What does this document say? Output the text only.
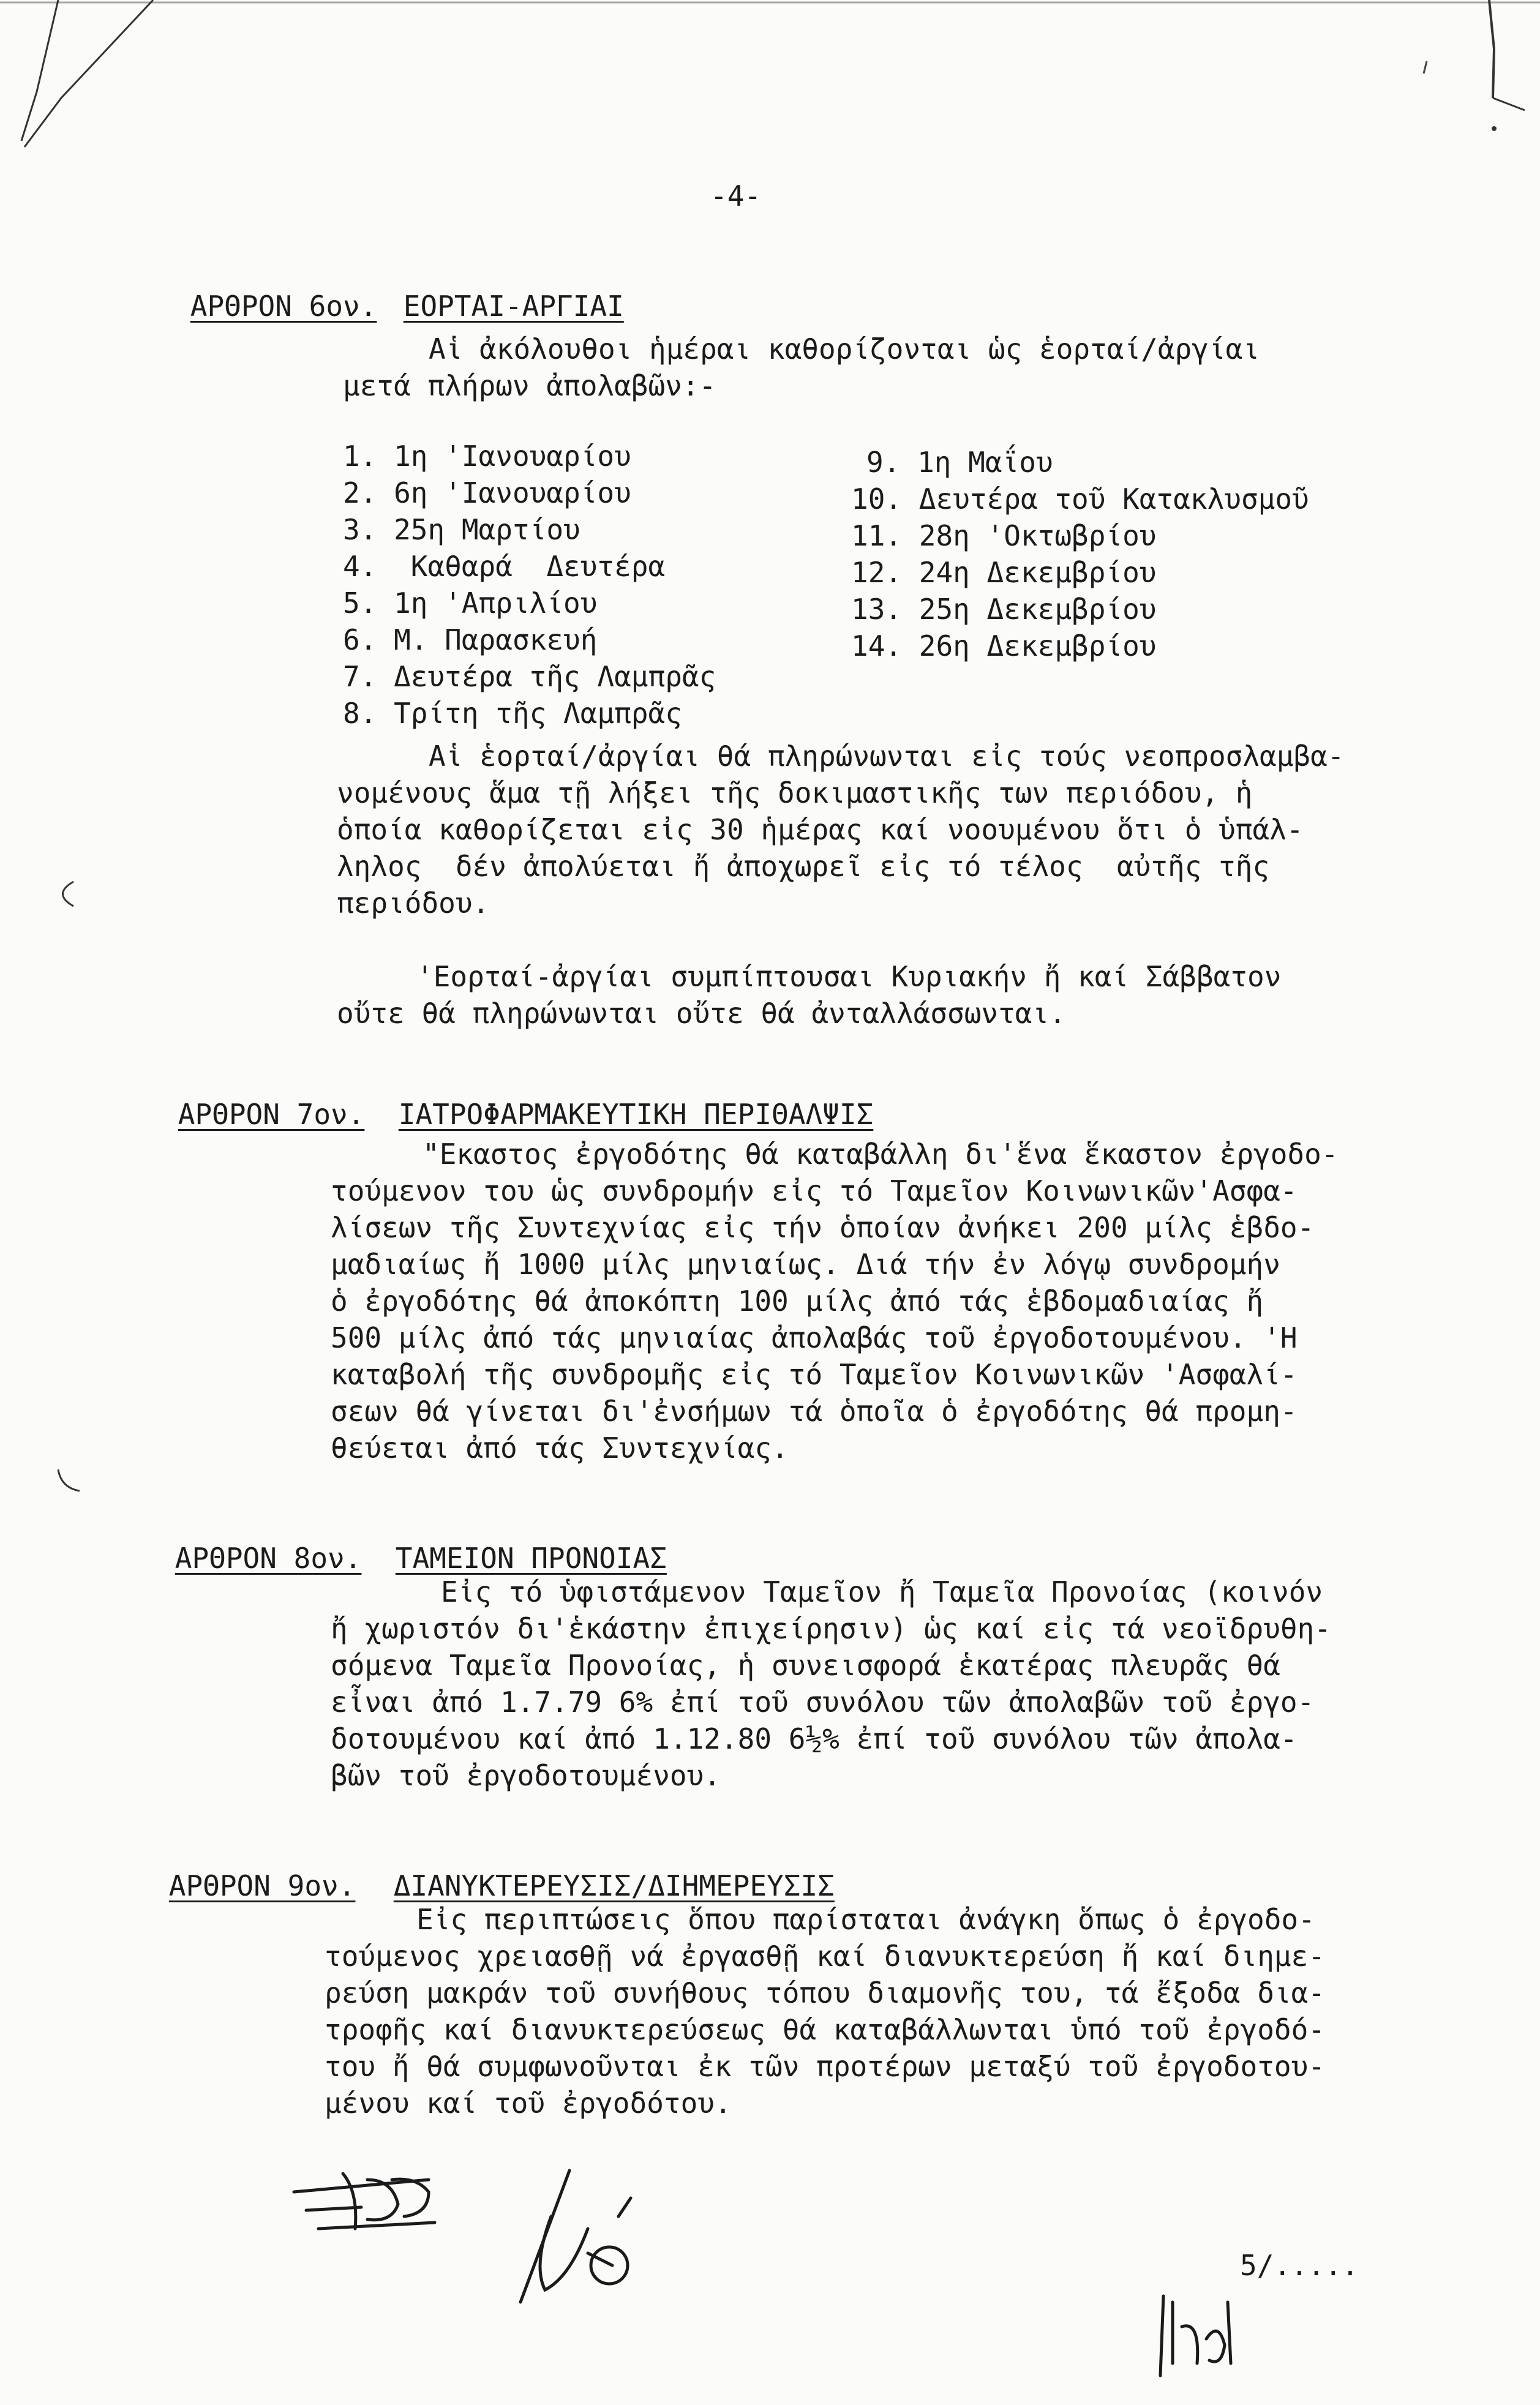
-4-

ΑΡΘΡΟΝ 6ον.
ΕΟΡΤΑΙ-ΑΡΓΙΑΙ

Αἱ ἀκόλουθοι ἡμέραι καθορίζονται ὡς ἑορταί/ἀργίαι
μετά πλήρων ἀπολαβῶν:-
1. 1η 'Ιανουαρίου
2. 6η 'Ιανουαρίου
3. 25η Μαρτίου
4.  Καθαρά  Δευτέρα
5. 1η 'Απριλίου
6. Μ. Παρασκευή
7. Δευτέρα τῆς Λαμπρᾶς
8. Τρίτη τῆς Λαμπρᾶς
9. 1η Μαΐου
10. Δευτέρα τοῦ Κατακλυσμοῦ
11. 28η 'Οκτωβρίου
12. 24η Δεκεμβρίου
13. 25η Δεκεμβρίου
14. 26η Δεκεμβρίου
Αἱ ἑορταί/ἀργίαι θά πληρώνωνται εἰς τούς νεοπροσλαμβα-
νομένους ἅμα τῇ λήξει τῆς δοκιμαστικῆς των περιόδου, ἡ
ὁποία καθορίζεται εἰς 30 ἡμέρας καί νοουμένου ὅτι ὁ ὑπάλ-
ληλος  δέν ἀπολύεται ἤ ἀποχωρεῖ εἰς τό τέλος  αὐτῆς τῆς
περιόδου.
'Εορταί-ἀργίαι συμπίπτουσαι Κυριακήν ἤ καί Σάββατον
οὔτε θά πληρώνωνται οὔτε θά ἀνταλλάσσωνται.

ΑΡΘΡΟΝ 7ον.
	ΙΑΤΡΟΦΑΡΜΑΚΕΥΤΙΚΗ ΠΕΡΙΘΑΛΨΙΣ

"Εκαστος ἐργοδότης θά καταβάλλη δι'ἕνα ἕκαστον ἐργοδο-
τούμενον του ὡς συνδρομήν εἰς τό Ταμεῖον Κοινωνικῶν'Ασφα-
λίσεων τῆς Συντεχνίας εἰς τήν ὁποίαν ἀνήκει 200 μίλς ἑβδο-
μαδιαίως ἤ 1000 μίλς μηνιαίως. Διά τήν ἐν λόγῳ συνδρομήν
ὁ ἐργοδότης θά ἀποκόπτη 100 μίλς ἀπό τάς ἑβδομαδιαίας ἤ
500 μίλς ἀπό τάς μηνιαίας ἀπολαβάς τοῦ ἐργοδοτουμένου. 'Η
καταβολή τῆς συνδρομῆς εἰς τό Ταμεῖον Κοινωνικῶν 'Ασφαλί-
σεων θά γίνεται δι'ἐνσήμων τά ὁποῖα ὁ ἐργοδότης θά προμη-
θεύεται ἀπό τάς Συντεχνίας.

ΑΡΘΡΟΝ 8ον.
	ΤΑΜΕΙΟΝ ΠΡΟΝΟΙΑΣ

Εἰς τό ὑφιστάμενον Ταμεῖον ἤ Ταμεῖα Προνοίας (κοινόν
ἤ χωριστόν δι'ἑκάστην ἐπιχείρησιν) ὡς καί εἰς τά νεοϊδρυθη-
σόμενα Ταμεῖα Προνοίας, ἡ συνεισφορά ἑκατέρας πλευρᾶς θά
εἶναι ἀπό 1.7.79 6% ἐπί τοῦ συνόλου τῶν ἀπολαβῶν τοῦ ἐργο-
δοτουμένου καί ἀπό 1.12.80 6½% ἐπί τοῦ συνόλου τῶν ἀπολα-
βῶν τοῦ ἐργοδοτουμένου.

ΑΡΘΡΟΝ 9ον.
	ΔΙΑΝΥΚΤΕΡΕΥΣΙΣ/ΔΙΗΜΕΡΕΥΣΙΣ

Εἰς περιπτώσεις ὅπου παρίσταται ἀνάγκη ὅπως ὁ ἐργοδο-
τούμενος χρειασθῇ νά ἐργασθῇ καί διανυκτερεύση ἤ καί διημε-
ρεύση μακράν τοῦ συνήθους τόπου διαμονῆς του, τά ἔξοδα δια-
τροφῆς καί διανυκτερεύσεως θά καταβάλλωνται ὑπό τοῦ ἐργοδό-
του ἤ θά συμφωνοῦνται ἐκ τῶν προτέρων μεταξύ τοῦ ἐργοδοτου-
μένου καί τοῦ ἐργοδότου.
5/.....
